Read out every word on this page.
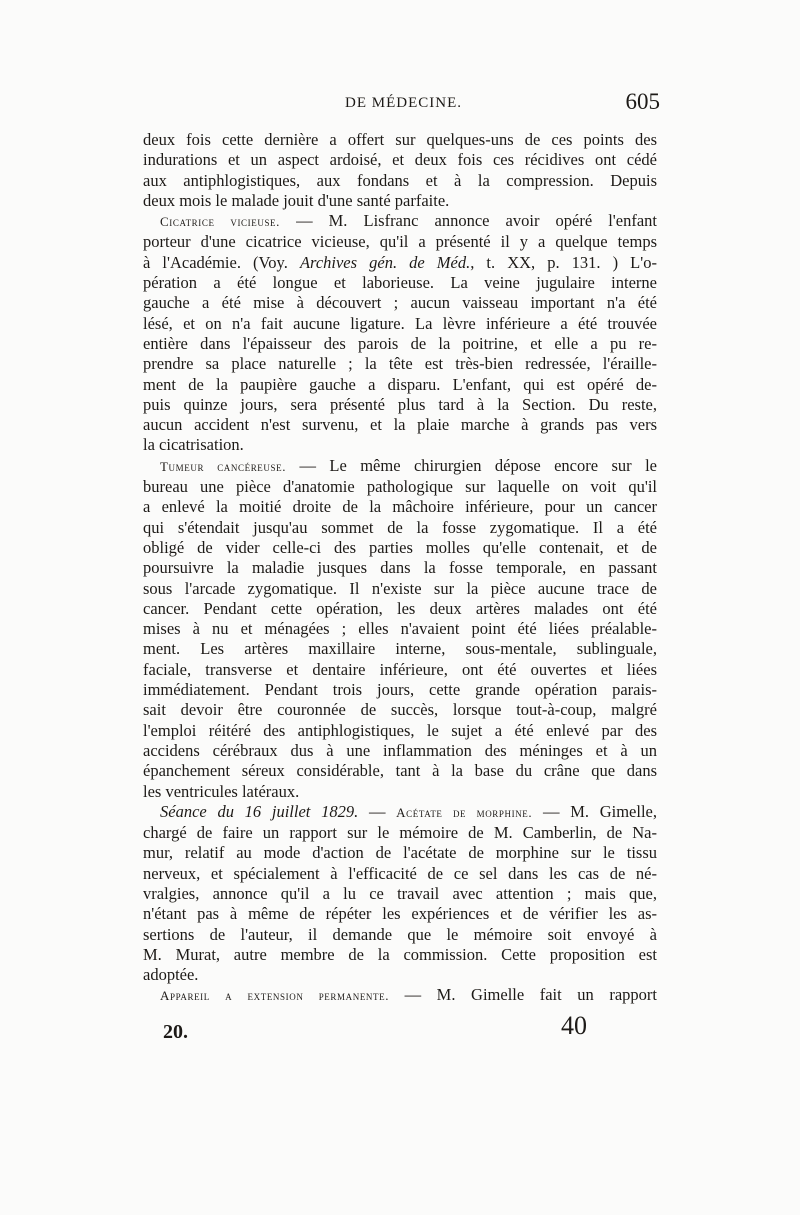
DE MÉDECINE.	605
deux fois cette dernière a offert sur quelques-uns de ces points des
indurations et un aspect ardoisé, et deux fois ces récidives ont cédé
aux antiphlogistiques, aux fondans et à la compression. Depuis
deux mois le malade jouit d'une santé parfaite.
Cicatrice vicieuse. — M. Lisfranc annonce avoir opéré l'enfant
porteur d'une cicatrice vicieuse, qu'il a présenté il y a quelque temps
à l'Académie. (Voy. Archives gén. de Méd., t. XX, p. 131. ) L'o-
pération a été longue et laborieuse. La veine jugulaire interne
gauche a été mise à découvert ; aucun vaisseau important n'a été
lésé, et on n'a fait aucune ligature. La lèvre inférieure a été trouvée
entière dans l'épaisseur des parois de la poitrine, et elle a pu re-
prendre sa place naturelle ; la tête est très-bien redressée, l'éraille-
ment de la paupière gauche a disparu. L'enfant, qui est opéré de-
puis quinze jours, sera présenté plus tard à la Section. Du reste,
aucun accident n'est survenu, et la plaie marche à grands pas vers
la cicatrisation.
Tumeur cancéreuse. — Le même chirurgien dépose encore sur le
bureau une pièce d'anatomie pathologique sur laquelle on voit qu'il
a enlevé la moitié droite de la mâchoire inférieure, pour un cancer
qui s'étendait jusqu'au sommet de la fosse zygomatique. Il a été
obligé de vider celle-ci des parties molles qu'elle contenait, et de
poursuivre la maladie jusques dans la fosse temporale, en passant
sous l'arcade zygomatique. Il n'existe sur la pièce aucune trace de
cancer. Pendant cette opération, les deux artères malades ont été
mises à nu et ménagées ; elles n'avaient point été liées préalable-
ment. Les artères maxillaire interne, sous-mentale, sublinguale,
faciale, transverse et dentaire inférieure, ont été ouvertes et liées
immédiatement. Pendant trois jours, cette grande opération parais-
sait devoir être couronnée de succès, lorsque tout-à-coup, malgré
l'emploi réitéré des antiphlogistiques, le sujet a été enlevé par des
accidens cérébraux dus à une inflammation des méninges et à un
épanchement séreux considérable, tant à la base du crâne que dans
les ventricules latéraux.
Séance du 16 juillet 1829. — Acétate de morphine. — M. Gimelle,
chargé de faire un rapport sur le mémoire de M. Camberlin, de Na-
mur, relatif au mode d'action de l'acétate de morphine sur le tissu
nerveux, et spécialement à l'efficacité de ce sel dans les cas de né-
vralgies, annonce qu'il a lu ce travail avec attention ; mais que,
n'étant pas à même de répéter les expériences et de vérifier les as-
sertions de l'auteur, il demande que le mémoire soit envoyé à
M. Murat, autre membre de la commission. Cette proposition est
adoptée.
Appareil a extension permanente. — M. Gimelle fait un rapport
20.	40
